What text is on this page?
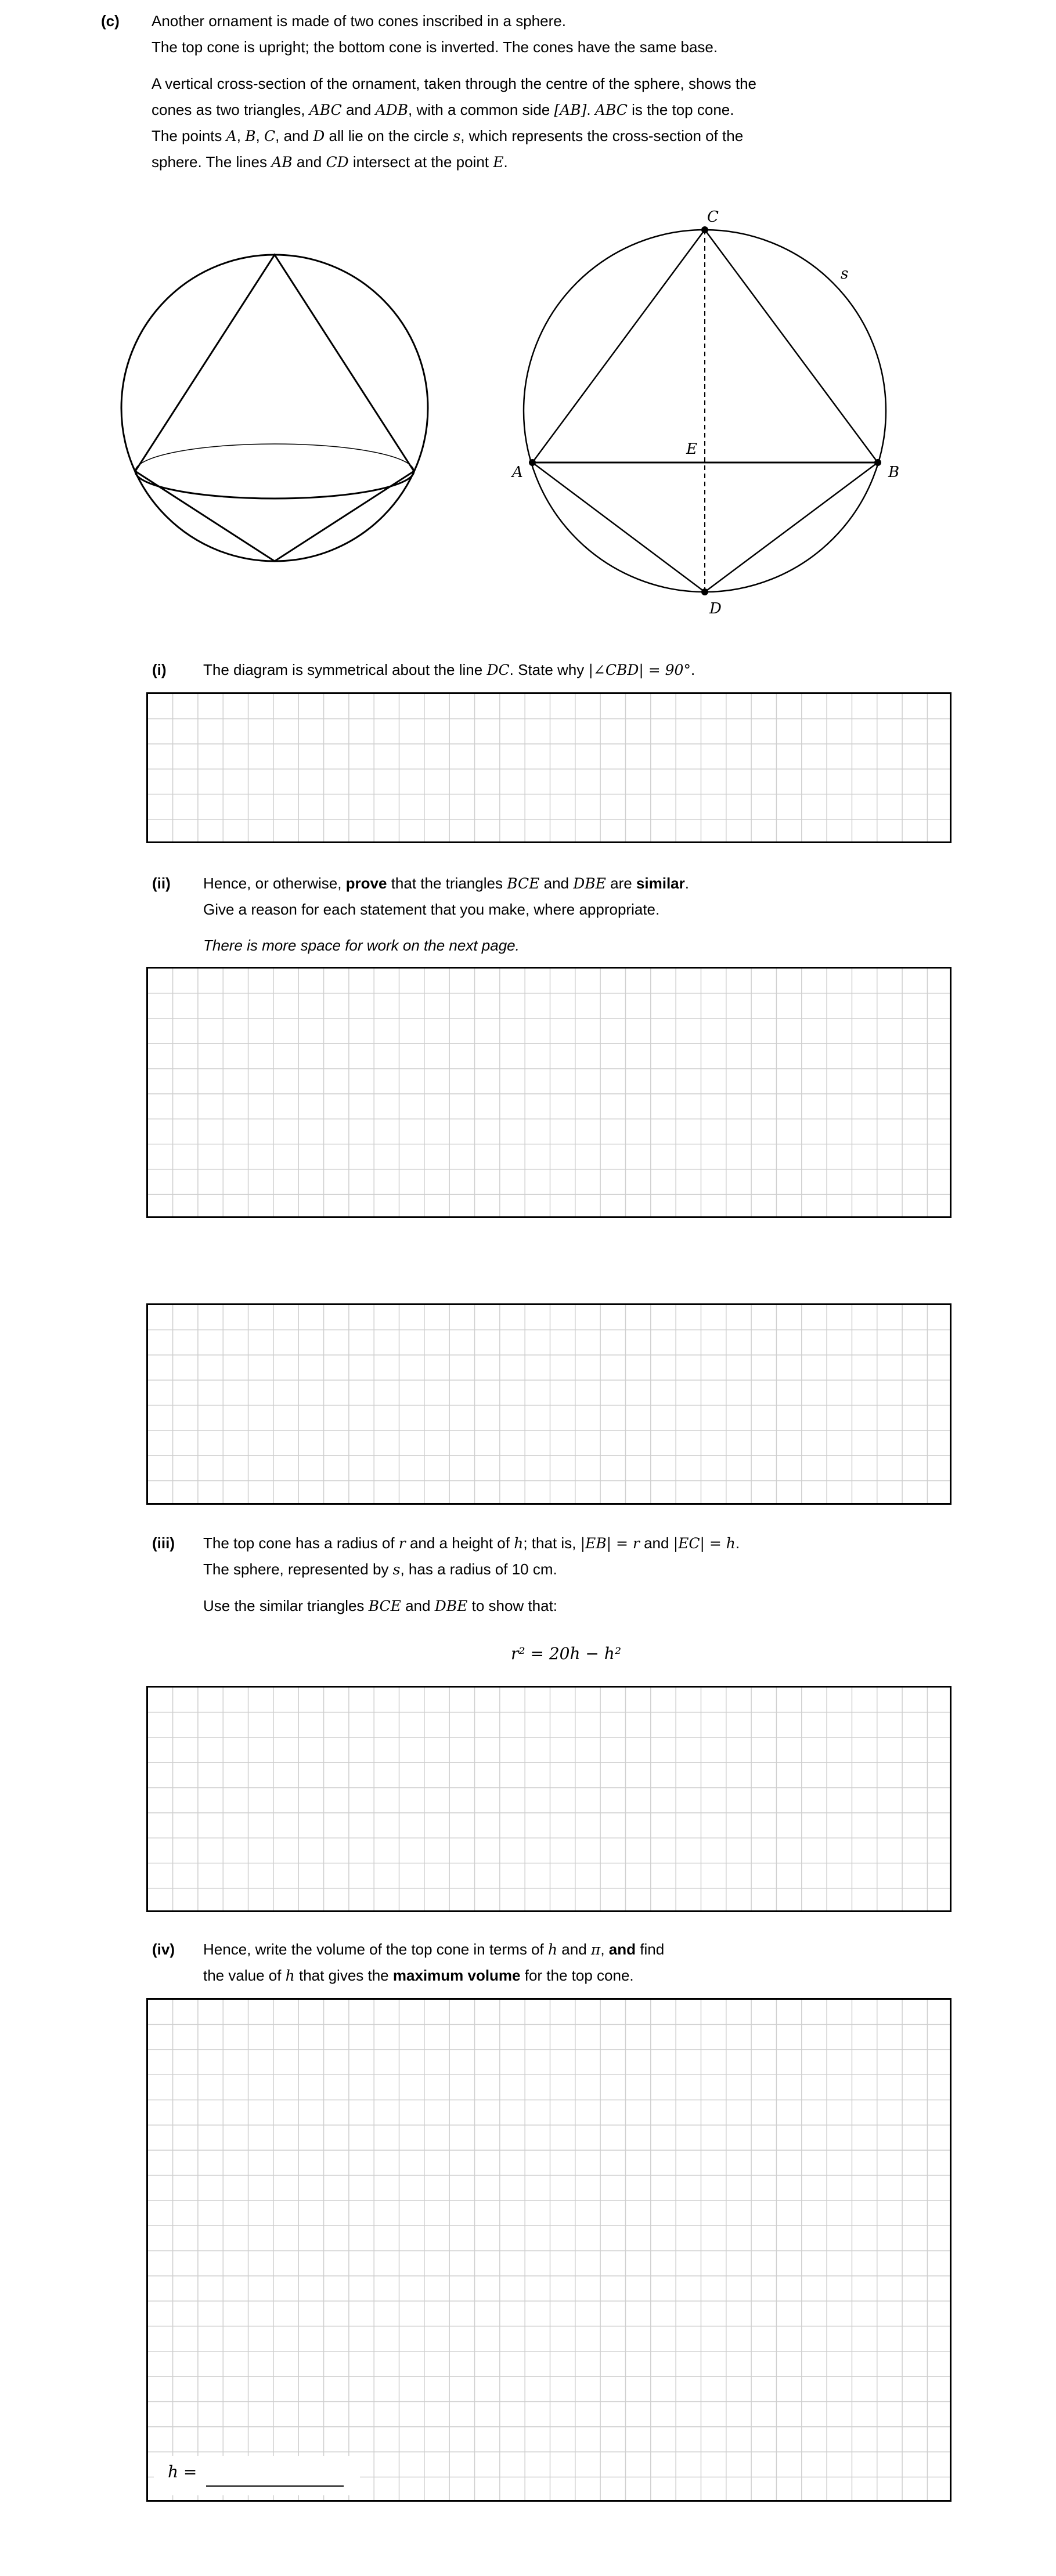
(c) Another ornament is made of two cones inscribed in a sphere.
The top cone is upright; the bottom cone is inverted. The cones have the same base.
A vertical cross-section of the ornament, taken through the centre of the sphere, shows the
cones as two triangles, ABC and ADB, with a common side [AB]. ABC is the top cone.
The points A, B, C, and D all lie on the circle s, which represents the cross-section of the
sphere. The lines AB and CD intersect at the point E.
C
s
E
A	B
D
(i) The diagram is symmetrical about the line DC. State why |∠CBD| = 90°.
(ii) Hence, or otherwise, prove that the triangles BCE and DBE are similar.
Give a reason for each statement that you make, where appropriate.
There is more space for work on the next page.
(iii) The top cone has a radius of r and a height of h; that is, |EB| = r and |EC| = h.
The sphere, represented by s, has a radius of 10 cm.
Use the similar triangles BCE and DBE to show that:
r² = 20h − h²
(iv) Hence, write the volume of the top cone in terms of h and π, and find
the value of h that gives the maximum volume for the top cone.
h =
